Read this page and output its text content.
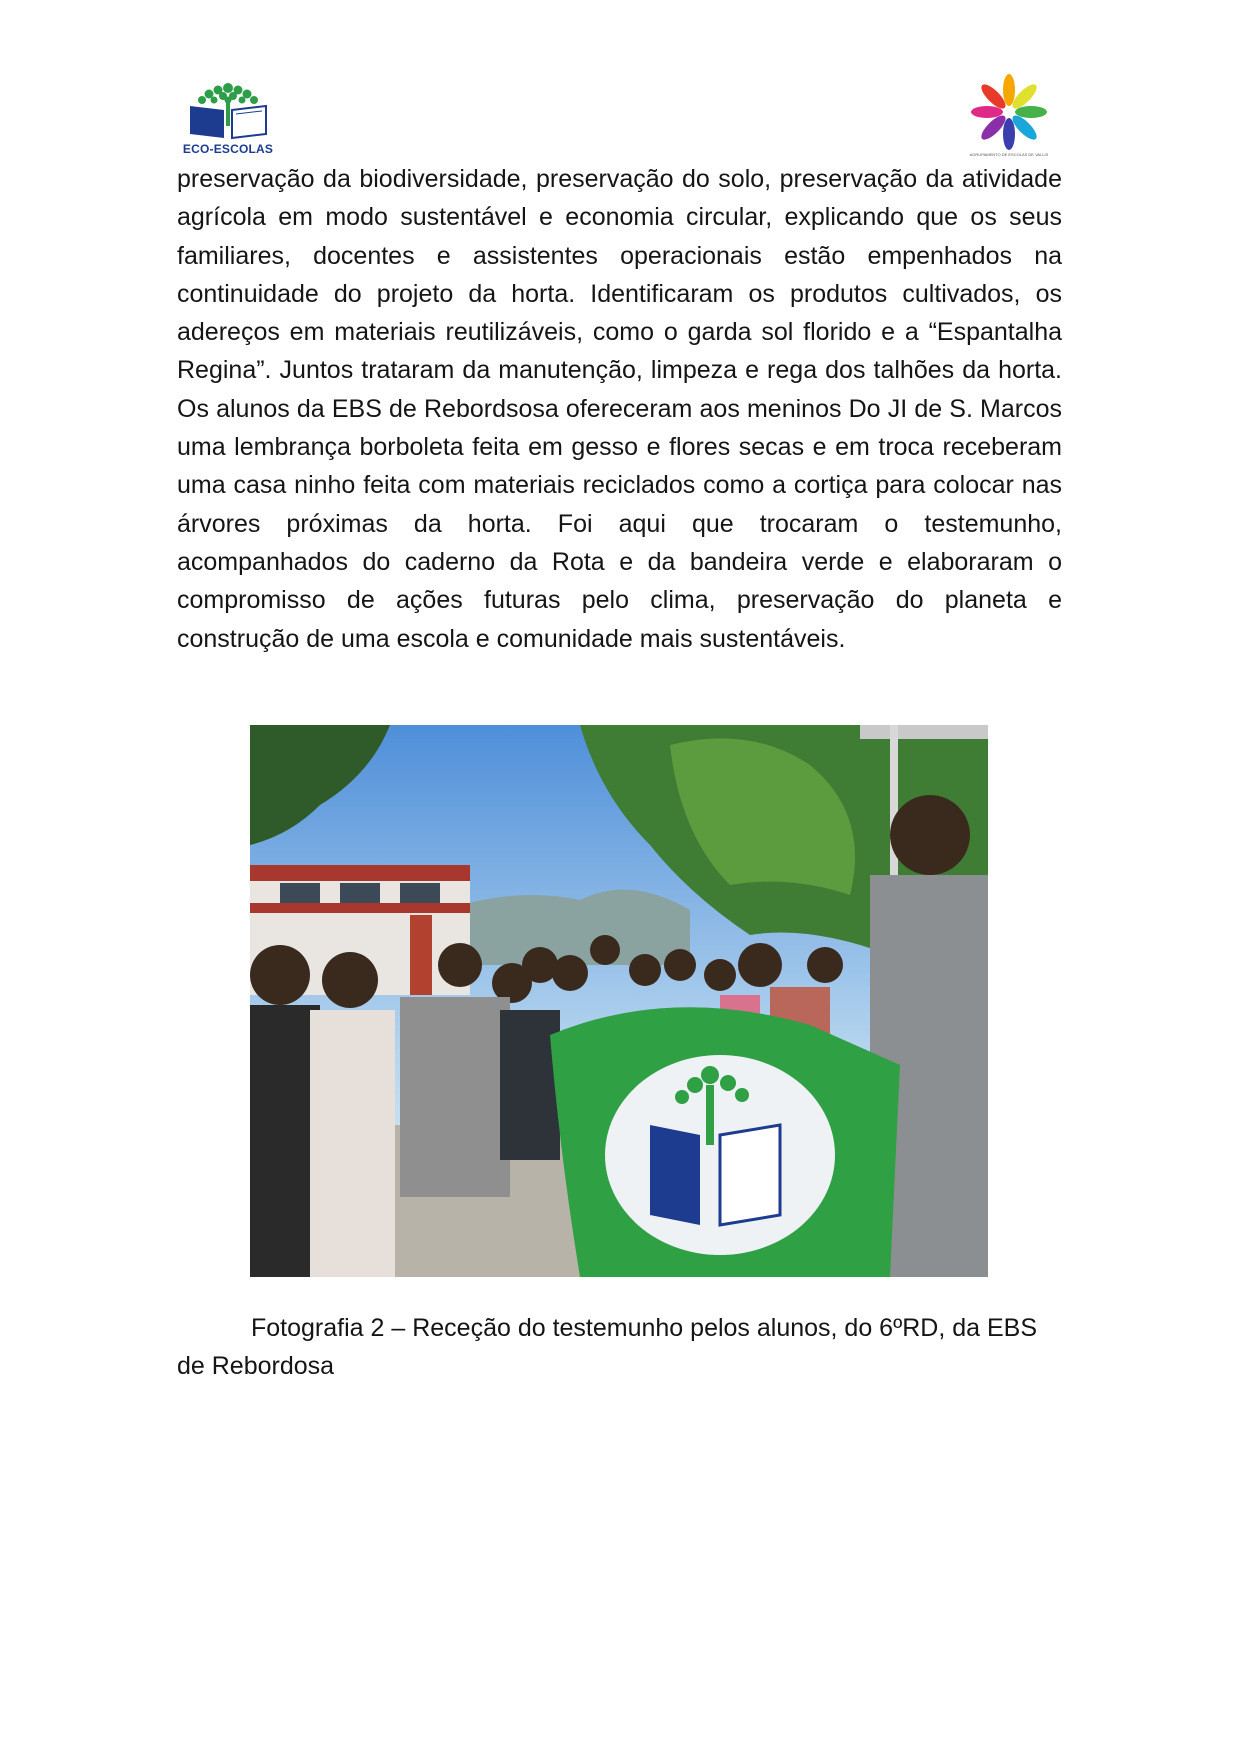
ECO-ESCOLAS	AGRUPAMENTO DE ESCOLAS DE VALLIS
preservação da biodiversidade, preservação do solo, preservação da atividade agrícola em modo sustentável e economia circular, explicando que os seus familiares, docentes e assistentes operacionais estão empenhados na continuidade do projeto da horta. Identificaram os produtos cultivados, os adereços em materiais reutilizáveis, como o garda sol florido e a “Espantalha Regina”. Juntos trataram da manutenção, limpeza e rega dos talhões da horta. Os alunos da EBS de Rebordsosa ofereceram aos meninos Do JI de S. Marcos uma lembrança borboleta feita em gesso e flores secas e em troca receberam uma casa ninho feita com materiais reciclados como a cortiça para colocar nas árvores próximas da horta. Foi aqui que trocaram o testemunho, acompanhados do caderno da Rota e da bandeira verde e elaboraram o compromisso de ações futuras pelo clima, preservação do planeta e construção de uma escola e comunidade mais sustentáveis.
Fotografia 2 – Receção do testemunho pelos alunos, do 6ºRD, da EBS de Rebordosa
